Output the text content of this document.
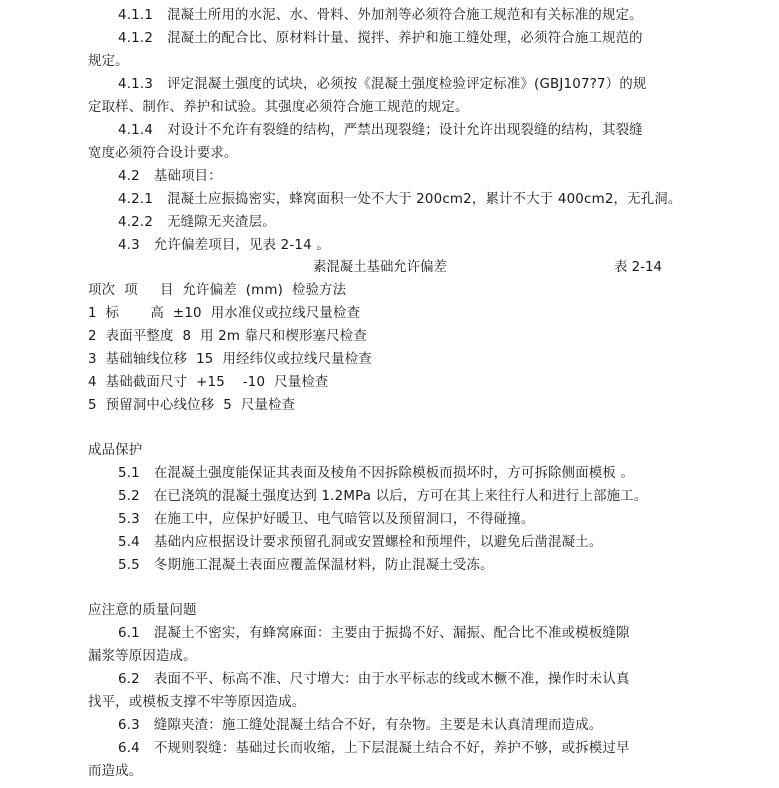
4.1.1 混凝土所用的水泥、水、骨料、外加剂等必须符合施工规范和有关标准的规定。
4.1.2 混凝土的配合比、原材料计量、搅拌、养护和施工缝处理，必须符合施工规范的
规定。
4.1.3 评定混凝土强度的试块，必须按《混凝土强度检验评定标准》(GBJ107?7）的规
定取样、制作、养护和试验。其强度必须符合施工规范的规定。
4.1.4 对设计不允许有裂缝的结构，严禁出现裂缝；设计允许出现裂缝的结构，其裂缝
宽度必须符合设计要求。
4.2 基础项目：
4.2.1 混凝土应振捣密实，蜂窝面积一处不大于 200cm2，累计不大于 400cm2，无孔洞。
4.2.2 无缝隙无夹渣层。
4.3 允许偏差项目，见表 2-14 。
素混凝土基础允许偏差	表 2-14
项次  项     目  允许偏差  (mm)  检验方法
1  标       高  ±10  用水准仪或拉线尺量检查
2  表面平整度  8  用 2m 靠尺和楔形塞尺检查
3  基础轴线位移  15  用经纬仪或拉线尺量检查
4  基础截面尺寸  +15    -10  尺量检查
5  预留洞中心线位移  5  尺量检查
成品保护
5.1 在混凝土强度能保证其表面及棱角不因拆除模板而损坏时，方可拆除侧面模板 。
5.2 在已浇筑的混凝土强度达到 1.2MPa 以后，方可在其上来往行人和进行上部施工。
5.3 在施工中，应保护好暖卫、电气暗管以及预留洞口，不得碰撞。
5.4 基础内应根据设计要求预留孔洞或安置螺栓和预埋件，以避免后凿混凝土。
5.5 冬期施工混凝土表面应覆盖保温材料，防止混凝土受冻。
应注意的质量问题
6.1 混凝土不密实，有蜂窝麻面：主要由于振捣不好、漏振、配合比不准或模板缝隙
漏浆等原因造成。
6.2 表面不平、标高不准、尺寸增大：由于水平标志的线或木橛不准，操作时未认真
找平，或模板支撑不牢等原因造成。
6.3 缝隙夹渣：施工缝处混凝土结合不好，有杂物。主要是未认真清理而造成。
6.4 不规则裂缝：基础过长而收缩，上下层混凝土结合不好，养护不够，或拆模过早
而造成。
